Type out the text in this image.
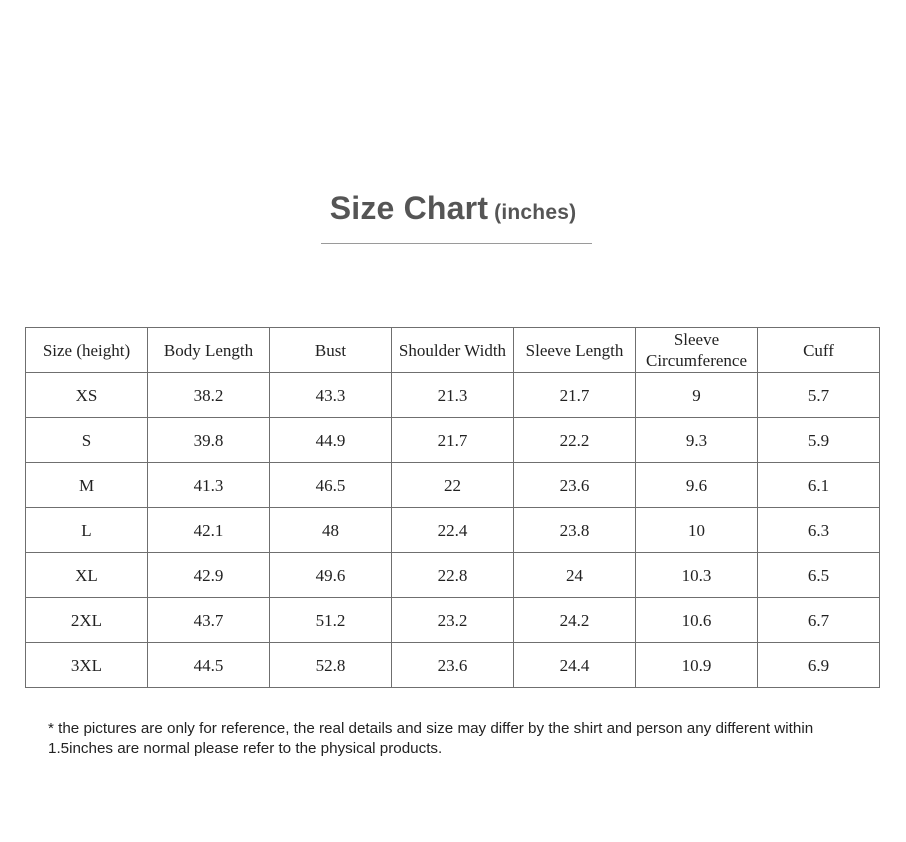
Size Chart (inches)
Size (height)	Body Length	Bust	Shoulder Width	Sleeve Length	Sleeve Circumference	Cuff
XS	38.2	43.3	21.3	21.7	9	5.7
S	39.8	44.9	21.7	22.2	9.3	5.9
M	41.3	46.5	22	23.6	9.6	6.1
L	42.1	48	22.4	23.8	10	6.3
XL	42.9	49.6	22.8	24	10.3	6.5
2XL	43.7	51.2	23.2	24.2	10.6	6.7
3XL	44.5	52.8	23.6	24.4	10.9	6.9
* the pictures are only for reference, the real details and size may differ by the shirt and person any different within 1.5inches are normal please refer to the physical products.
